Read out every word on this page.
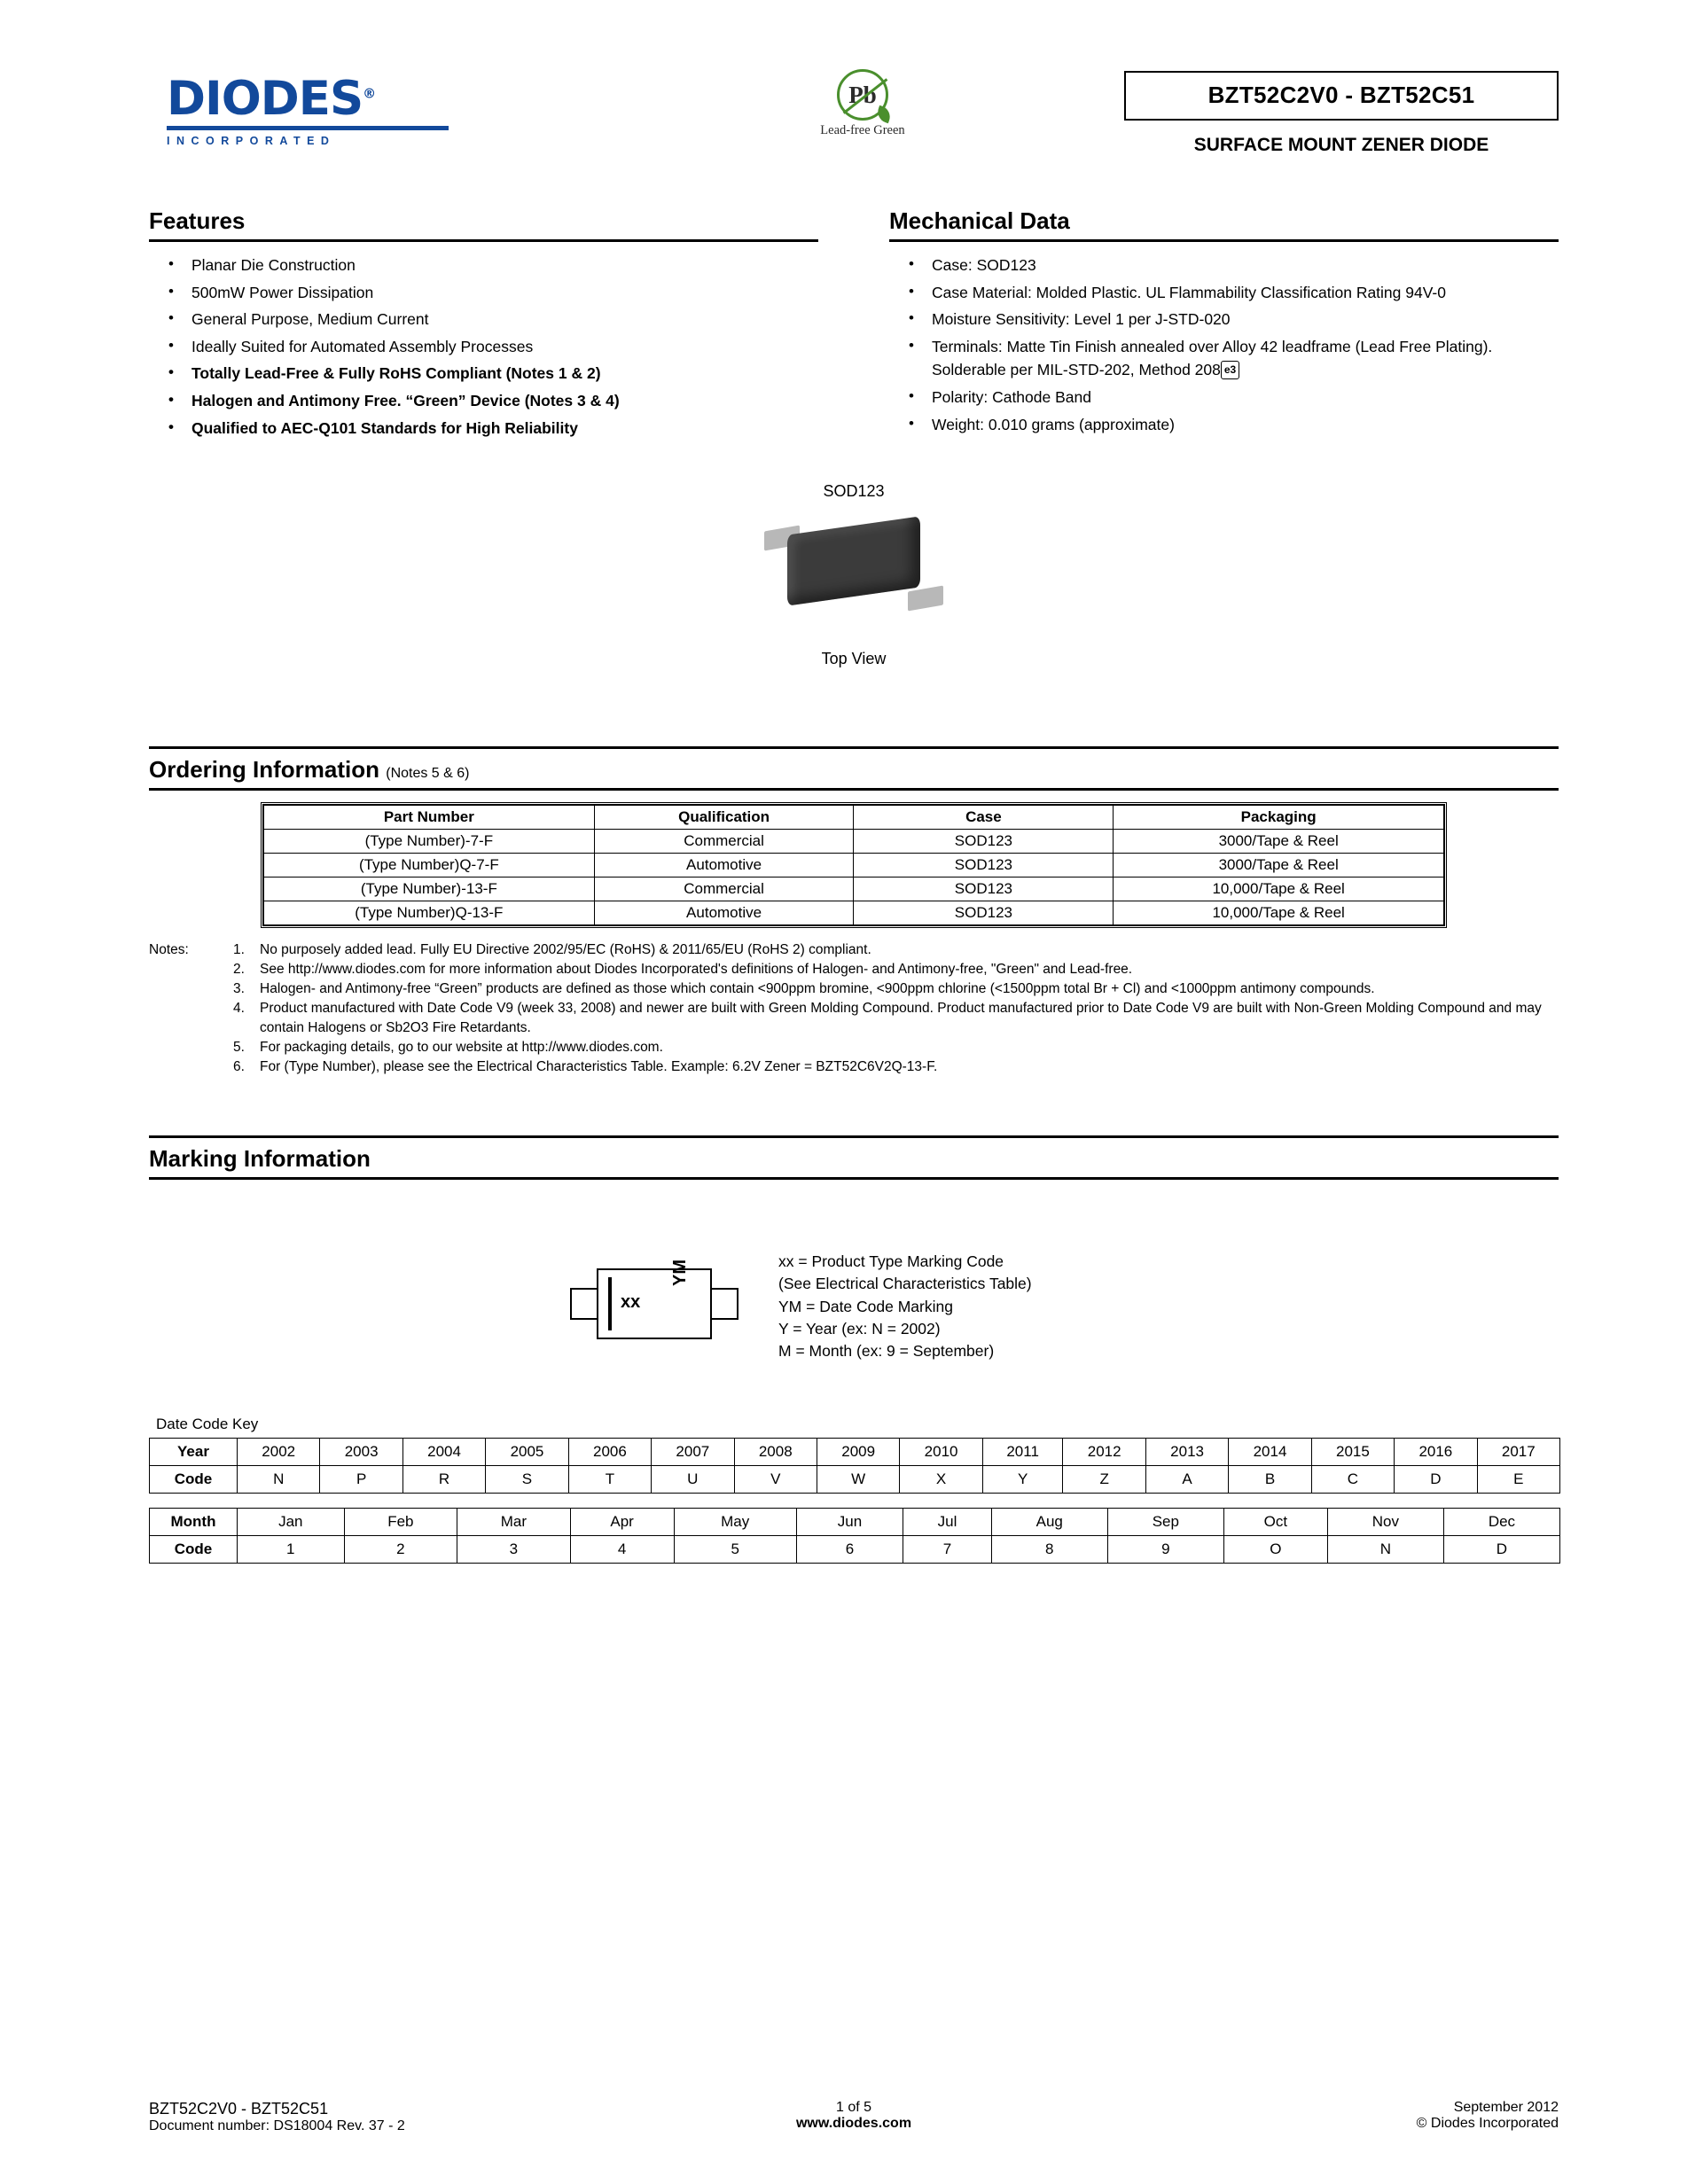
DIODES®
INCORPORATED
Pb
Lead-free Green
BZT52C2V0 - BZT52C51
SURFACE MOUNT ZENER DIODE
Features
• Planar Die Construction
• 500mW Power Dissipation
• General Purpose, Medium Current
• Ideally Suited for Automated Assembly Processes
• Totally Lead-Free & Fully RoHS Compliant (Notes 1 & 2)
• Halogen and Antimony Free. “Green” Device (Notes 3 & 4)
• Qualified to AEC-Q101 Standards for High Reliability
Mechanical Data
• Case: SOD123
• Case Material: Molded Plastic. UL Flammability Classification Rating 94V-0
• Moisture Sensitivity: Level 1 per J-STD-020
• Terminals: Matte Tin Finish annealed over Alloy 42 leadframe (Lead Free Plating). Solderable per MIL-STD-202, Method 208 e3
• Polarity: Cathode Band
• Weight: 0.010 grams (approximate)
SOD123
Top View
Ordering Information (Notes 5 & 6)
Part Number	Qualification	Case	Packaging
(Type Number)-7-F	Commercial	SOD123	3000/Tape & Reel
(Type Number)Q-7-F	Automotive	SOD123	3000/Tape & Reel
(Type Number)-13-F	Commercial	SOD123	10,000/Tape & Reel
(Type Number)Q-13-F	Automotive	SOD123	10,000/Tape & Reel
Notes:	1.	No purposely added lead. Fully EU Directive 2002/95/EC (RoHS) & 2011/65/EU (RoHS 2) compliant.
2.	See http://www.diodes.com for more information about Diodes Incorporated's definitions of Halogen- and Antimony-free, "Green" and Lead-free.
3.	Halogen- and Antimony-free “Green” products are defined as those which contain <900ppm bromine, <900ppm chlorine (<1500ppm total Br + Cl) and <1000ppm antimony compounds.
4.	Product manufactured with Date Code V9 (week 33, 2008) and newer are built with Green Molding Compound. Product manufactured prior to Date Code V9 are built with Non-Green Molding Compound and may contain Halogens or Sb2O3 Fire Retardants.
5.	For packaging details, go to our website at http://www.diodes.com.
6.	For (Type Number), please see the Electrical Characteristics Table. Example: 6.2V Zener = BZT52C6V2Q-13-F.
Marking Information
xx
YM	xx = Product Type Marking Code
(See Electrical Characteristics Table)
YM = Date Code Marking
Y = Year (ex: N = 2002)
M = Month (ex: 9 = September)
Date Code Key
Year	2002	2003	2004	2005	2006	2007	2008	2009	2010	2011	2012	2013	2014	2015	2016	2017
Code	N	P	R	S	T	U	V	W	X	Y	Z	A	B	C	D	E
Month	Jan	Feb	Mar	Apr	May	Jun	Jul	Aug	Sep	Oct	Nov	Dec
Code	1	2	3	4	5	6	7	8	9	O	N	D
BZT52C2V0 - BZT52C51
Document number: DS18004 Rev. 37 - 2
1 of 5
www.diodes.com
September 2012
© Diodes Incorporated
